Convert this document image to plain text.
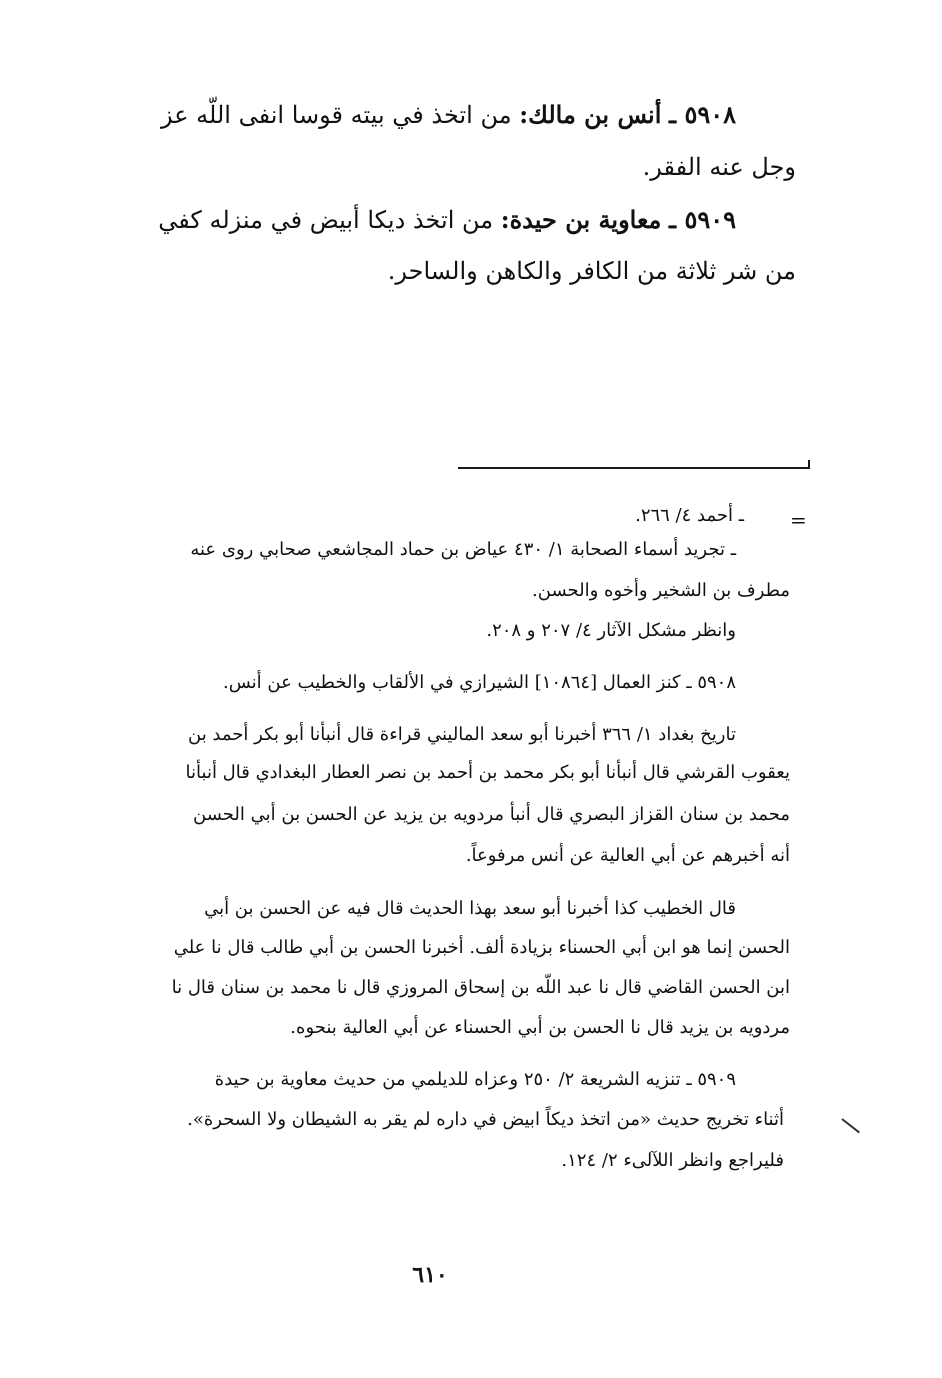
٥٩٠٨ ـ أنس بن مالك: من اتخذ في بيته قوسا انفى اللّه عز
وجل عنه الفقر.
٥٩٠٩ ـ معاوية بن حيدة: من اتخذ ديكا أبيض في منزله كفي
من شر ثلاثة من الكافر والكاهن والساحر.
=
ـ أحمد ٤/ ٢٦٦.
ـ تجريد أسماء الصحابة ١/ ٤٣٠ عياض بن حماد المجاشعي صحابي روى عنه
مطرف بن الشخير وأخوه والحسن.
وانظر مشكل الآثار ٤/ ٢٠٧ و ٢٠٨.
٥٩٠٨ ـ كنز العمال [١٠٨٦٤] الشيرازي في الألقاب والخطيب عن أنس.
تاريخ بغداد ١/ ٣٦٦ أخبرنا أبو سعد الماليني قراءة قال أنبأنا أبو بكر أحمد بن
يعقوب القرشي قال أنبأنا أبو بكر محمد بن أحمد بن نصر العطار البغدادي قال أنبأنا
محمد بن سنان القزاز البصري قال أنبأ مردويه بن يزيد عن الحسن بن أبي الحسن
أنه أخبرهم عن أبي العالية عن أنس مرفوعاً.
قال الخطيب كذا أخبرنا أبو سعد بهذا الحديث قال فيه عن الحسن بن أبي
الحسن إنما هو ابن أبي الحسناء بزيادة ألف. أخبرنا الحسن بن أبي طالب قال نا علي
ابن الحسن القاضي قال نا عبد اللّه بن إسحاق المروزي قال نا محمد بن سنان قال نا
مردويه بن يزيد قال نا الحسن بن أبي الحسناء عن أبي العالية بنحوه.
٥٩٠٩ ـ تنزيه الشريعة ٢/ ٢٥٠ وعزاه للديلمي من حديث معاوية بن حيدة
أثناء تخريج حديث «من اتخذ ديكاً ابيض في داره لم يقر به الشيطان ولا السحرة».
فليراجع وانظر اللآلىء ٢/ ١٢٤.
٦١٠
